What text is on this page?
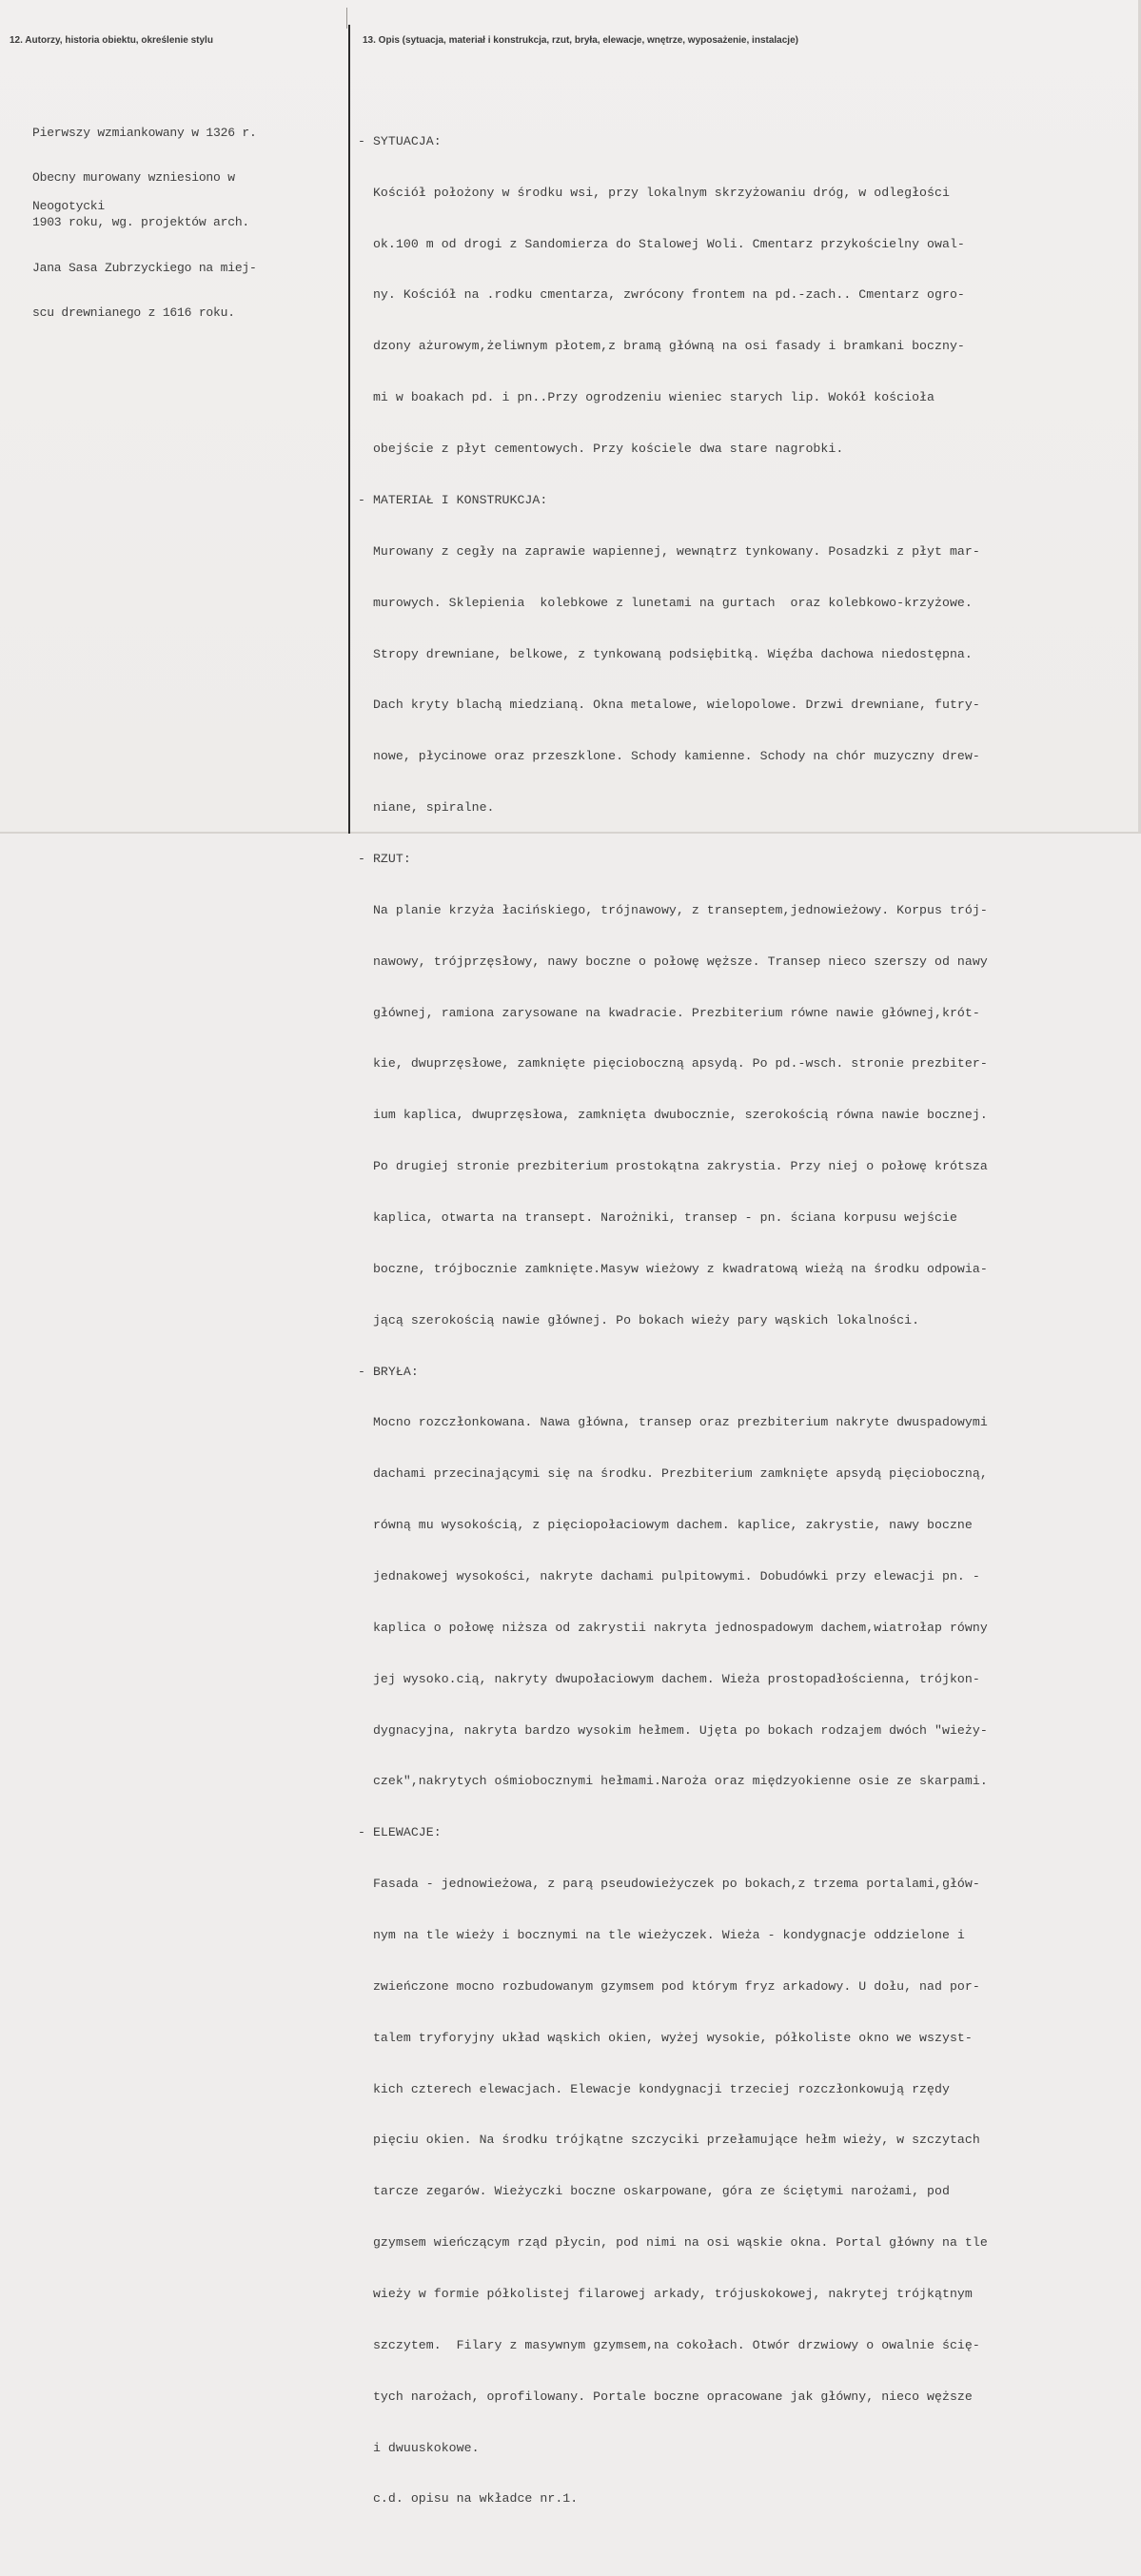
12. Autorzy, historia obiektu, określenie stylu	13. Opis (sytuacja, materiał i konstrukcja, rzut, bryła, elewacje, wnętrze, wyposażenie, instalacje)

Pierwszy wzmiankowany w 1326 r.

Obecny murowany wzniesiono w

1903 roku, wg. projektów arch.

Jana Sasa Zubrzyckiego na miej-

scu drewnianego z 1616 roku.

Neogotycki

- SYTUACJA:

Kościół położony w środku wsi, przy lokalnym skrzyżowaniu dróg, w odległości

ok.100 m od drogi z Sandomierza do Stalowej Woli. Cmentarz przykościelny owal-

ny. Kościół na .rodku cmentarza, zwrócony frontem na pd.-zach.. Cmentarz ogro-

dzony ażurowym,żeliwnym płotem,z bramą główną na osi fasady i bramkani boczny-

mi w boakach pd. i pn..Przy ogrodzeniu wieniec starych lip. Wokół kościoła

obejście z płyt cementowych. Przy kościele dwa stare nagrobki.

- MATERIAŁ I KONSTRUKCJA:

Murowany z cegły na zaprawie wapiennej, wewnątrz tynkowany. Posadzki z płyt mar-

murowych. Sklepienia  kolebkowe z lunetami na gurtach  oraz kolebkowo-krzyżowe.

Stropy drewniane, belkowe, z tynkowaną podsiębitką. Więźba dachowa niedostępna.

Dach kryty blachą miedzianą. Okna metalowe, wielopolowe. Drzwi drewniane, futry-

nowe, płycinowe oraz przeszklone. Schody kamienne. Schody na chór muzyczny drew-

niane, spiralne.

- RZUT:

Na planie krzyża łacińskiego, trójnawowy, z transeptem,jednowieżowy. Korpus trój-

nawowy, trójprzęsłowy, nawy boczne o połowę węższe. Transep nieco szerszy od nawy

głównej, ramiona zarysowane na kwadracie. Prezbiterium równe nawie głównej,krót-

kie, dwuprzęsłowe, zamknięte pięcioboczną apsydą. Po pd.-wsch. stronie prezbiter-

ium kaplica, dwuprzęsłowa, zamknięta dwubocznie, szerokością równa nawie bocznej.

Po drugiej stronie prezbiterium prostokątna zakrystia. Przy niej o połowę krótsza

kaplica, otwarta na transept. Narożniki, transep - pn. ściana korpusu wejście

boczne, trójbocznie zamknięte.Masyw wieżowy z kwadratową wieżą na środku odpowia-

jącą szerokością nawie głównej. Po bokach wieży pary wąskich lokalności.

- BRYŁA:

Mocno rozczłonkowana. Nawa główna, transep oraz prezbiterium nakryte dwuspadowymi

dachami przecinającymi się na środku. Prezbiterium zamknięte apsydą pięcioboczną,

równą mu wysokością, z pięciopołaciowym dachem. kaplice, zakrystie, nawy boczne

jednakowej wysokości, nakryte dachami pulpitowymi. Dobudówki przy elewacji pn. -

kaplica o połowę niższa od zakrystii nakryta jednospadowym dachem,wiatrołap równy

jej wysoko.cią, nakryty dwupołaciowym dachem. Wieża prostopadłościenna, trójkon-

dygnacyjna, nakryta bardzo wysokim hełmem. Ujęta po bokach rodzajem dwóch "wieży-

czek",nakrytych ośmiobocznymi hełmami.Naroża oraz międzyokienne osie ze skarpami.

- ELEWACJE:

Fasada - jednowieżowa, z parą pseudowieżyczek po bokach,z trzema portalami,głów-

nym na tle wieży i bocznymi na tle wieżyczek. Wieża - kondygnacje oddzielone i

zwieńczone mocno rozbudowanym gzymsem pod którym fryz arkadowy. U dołu, nad por-

talem tryforyjny układ wąskich okien, wyżej wysokie, półkoliste okno we wszyst-

kich czterech elewacjach. Elewacje kondygnacji trzeciej rozczłonkowują rzędy

pięciu okien. Na środku trójkątne szczyciki przełamujące hełm wieży, w szczytach

tarcze zegarów. Wieżyczki boczne oskarpowane, góra ze ściętymi narożami, pod

gzymsem wieńczącym rząd płycin, pod nimi na osi wąskie okna. Portal główny na tle

wieży w formie półkolistej filarowej arkady, trójuskokowej, nakrytej trójkątnym

szczytem.  Filary z masywnym gzymsem,na cokołach. Otwór drzwiowy o owalnie ścię-

tych narożach, oprofilowany. Portale boczne opracowane jak główny, nieco węższe

i dwuuskokowe.

c.d. opisu na wkładce nr.1.
